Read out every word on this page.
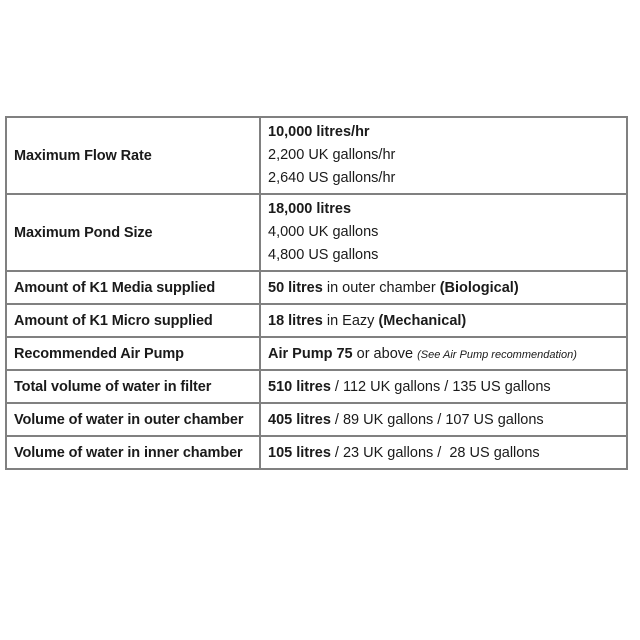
Maximum Flow Rate	10,000 litres/hr
2,200 UK gallons/hr
2,640 US gallons/hr

Maximum Pond Size	18,000 litres
4,000 UK gallons
4,800 US gallons

Amount of K1 Media supplied	50 litres in outer chamber (Biological)
Amount of K1 Micro supplied	18 litres in Eazy (Mechanical)
Recommended Air Pump	Air Pump 75 or above (See Air Pump recommendation)
Total volume of water in filter	510 litres / 112 UK gallons / 135 US gallons
Volume of water in outer chamber	405 litres / 89 UK gallons / 107 US gallons
Volume of water in inner chamber	105 litres / 23 UK gallons /  28 US gallons
